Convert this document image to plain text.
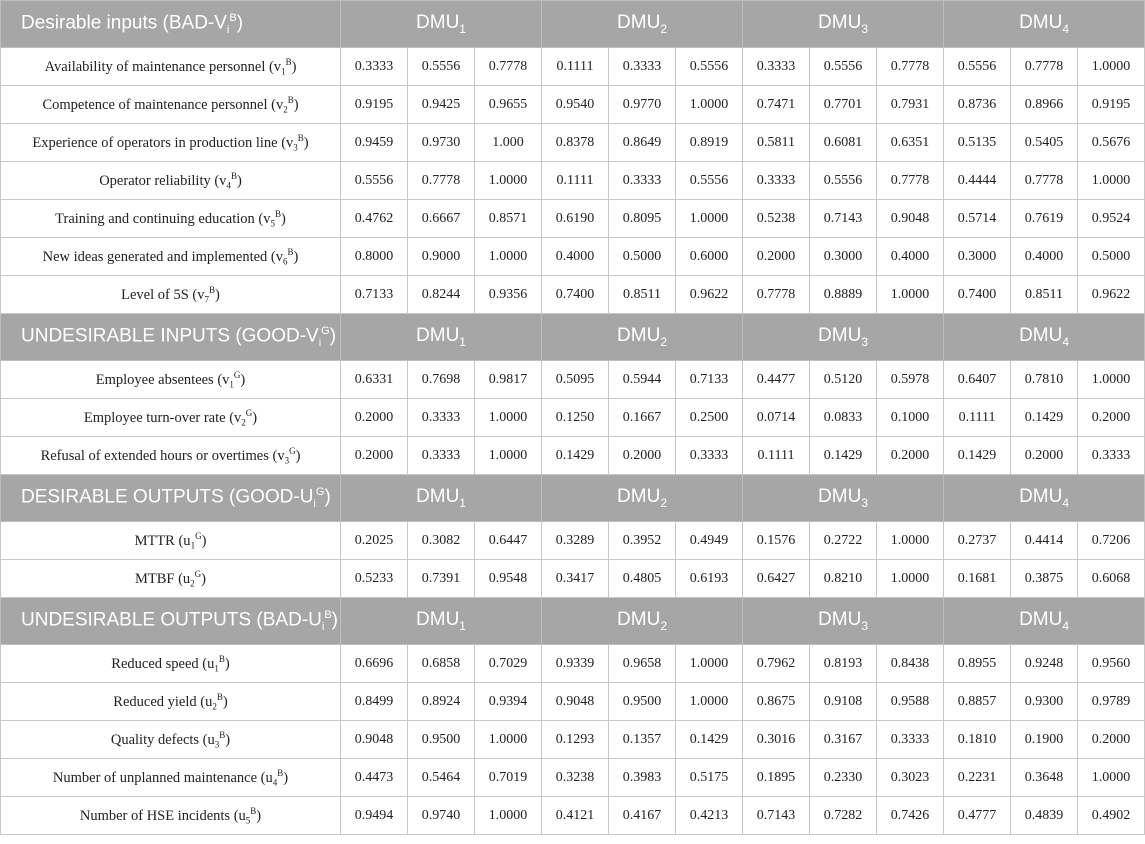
Desirable inputs $(BAD-V_i^B)$	$DMU_1$			$DMU_2$			$DMU_3$			$DMU_4$
Availability of maintenance personnel $(v_1^B)$	0.3333	0.5556	0.7778	0.1111	0.3333	0.5556	0.3333	0.5556	0.7778	0.5556	0.7778	1.0000
Competence of maintenance personnel $(v_2^B)$	0.9195	0.9425	0.9655	0.9540	0.9770	1.0000	0.7471	0.7701	0.7931	0.8736	0.8966	0.9195
Experience of operators in production line $(v_3^B)$	0.9459	0.9730	1.000	0.8378	0.8649	0.8919	0.5811	0.6081	0.6351	0.5135	0.5405	0.5676
Operator reliability $(v_4^B)$	0.5556	0.7778	1.0000	0.1111	0.3333	0.5556	0.3333	0.5556	0.7778	0.4444	0.7778	1.0000
Training and continuing education $(v_5^B)$	0.4762	0.6667	0.8571	0.6190	0.8095	1.0000	0.5238	0.7143	0.9048	0.5714	0.7619	0.9524
New ideas generated and implemented $(v_6^B)$	0.8000	0.9000	1.0000	0.4000	0.5000	0.6000	0.2000	0.3000	0.4000	0.3000	0.4000	0.5000
Level of 5S $(v_7^B)$	0.7133	0.8244	0.9356	0.7400	0.8511	0.9622	0.7778	0.8889	1.0000	0.7400	0.8511	0.9622
UNDESIRABLE INPUTS $(GOOD-V_i^G)$	$DMU_1$			$DMU_2$			$DMU_3$			$DMU_4$
Employee absentees $(v_1^G)$	0.6331	0.7698	0.9817	0.5095	0.5944	0.7133	0.4477	0.5120	0.5978	0.6407	0.7810	1.0000
Employee turn-over rate $(v_2^G)$	0.2000	0.3333	1.0000	0.1250	0.1667	0.2500	0.0714	0.0833	0.1000	0.1111	0.1429	0.2000
Refusal of extended hours or overtimes $(v_3^G)$	0.2000	0.3333	1.0000	0.1429	0.2000	0.3333	0.1111	0.1429	0.2000	0.1429	0.2000	0.3333
DESIRABLE OUTPUTS $(GOOD-U_i^G)$	$DMU_1$			$DMU_2$			$DMU_3$			$DMU_4$
MTTR $(u_1^G)$	0.2025	0.3082	0.6447	0.3289	0.3952	0.4949	0.1576	0.2722	1.0000	0.2737	0.4414	0.7206
MTBF $(u_2^G)$	0.5233	0.7391	0.9548	0.3417	0.4805	0.6193	0.6427	0.8210	1.0000	0.1681	0.3875	0.6068
UNDESIRABLE OUTPUTS $(BAD-U_i^B)$	$DMU_1$			$DMU_2$			$DMU_3$			$DMU_4$
Reduced speed $(u_1^B)$	0.6696	0.6858	0.7029	0.9339	0.9658	1.0000	0.7962	0.8193	0.8438	0.8955	0.9248	0.9560
Reduced yield $(u_2^B)$	0.8499	0.8924	0.9394	0.9048	0.9500	1.0000	0.8675	0.9108	0.9588	0.8857	0.9300	0.9789
Quality defects $(u_3^B)$	0.9048	0.9500	1.0000	0.1293	0.1357	0.1429	0.3016	0.3167	0.3333	0.1810	0.1900	0.2000
Number of unplanned maintenance $(u_4^B)$	0.4473	0.5464	0.7019	0.3238	0.3983	0.5175	0.1895	0.2330	0.3023	0.2231	0.3648	1.0000
Number of HSE incidents $(u_5^B)$	0.9494	0.9740	1.0000	0.4121	0.4167	0.4213	0.7143	0.7282	0.7426	0.4777	0.4839	0.4902
